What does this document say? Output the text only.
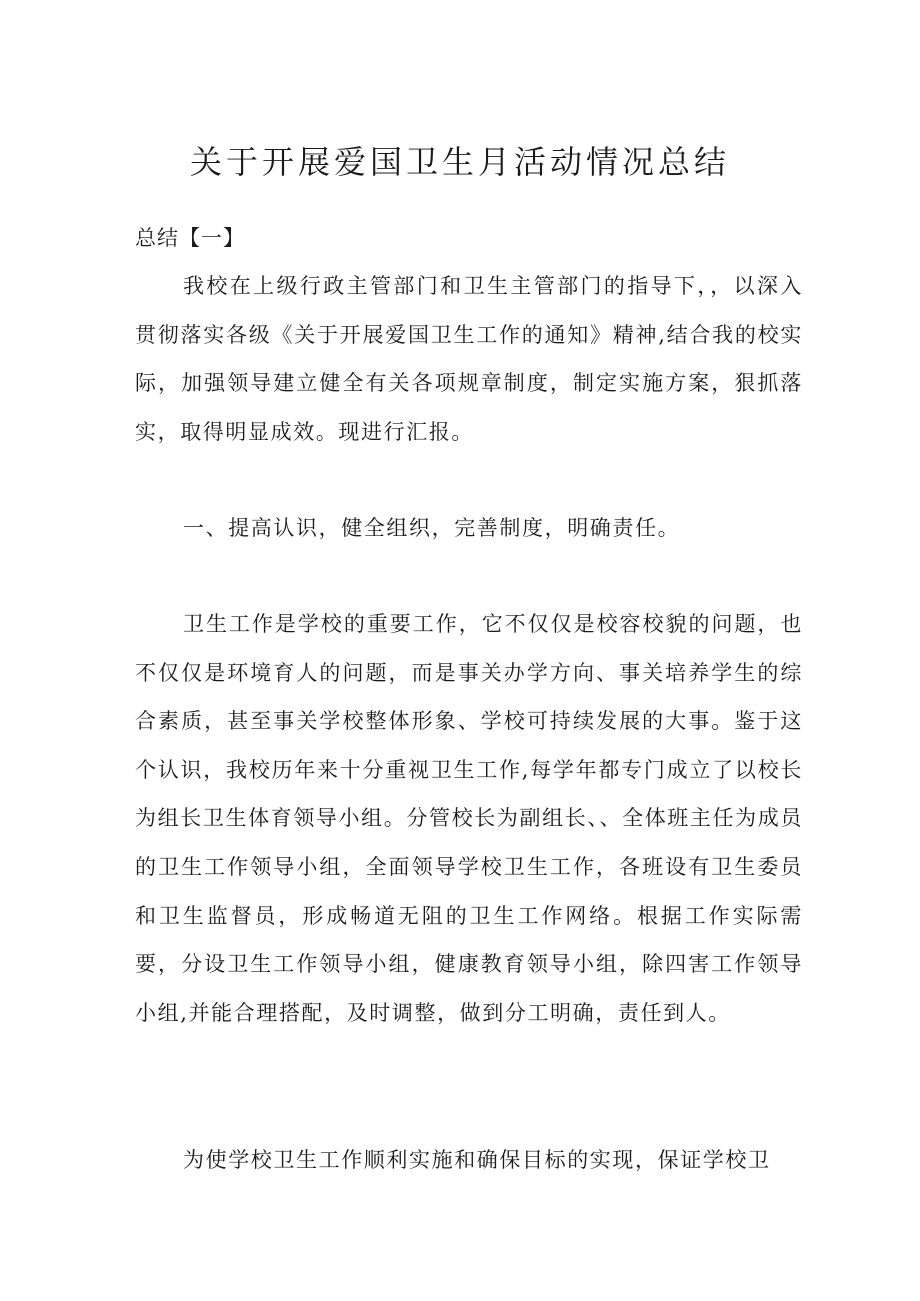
关于开展爱国卫生月活动情况总结

总结【一】

我校在上级行政主管部门和卫生主管部门的指导下，，以深入贯彻落实各级《关于开展爱国卫生工作的通知》精神,结合我的校实际，加强领导建立健全有关各项规章制度，制定实施方案，狠抓落实，取得明显成效。现进行汇报。

一、提高认识，健全组织，完善制度，明确责任。

卫生工作是学校的重要工作，它不仅仅是校容校貌的问题，也不仅仅是环境育人的问题，而是事关办学方向、事关培养学生的综合素质，甚至事关学校整体形象、学校可持续发展的大事。鉴于这个认识，我校历年来十分重视卫生工作,每学年都专门成立了以校长为组长卫生体育领导小组。分管校长为副组长、、全体班主任为成员的卫生工作领导小组，全面领导学校卫生工作，各班设有卫生委员和卫生监督员，形成畅道无阻的卫生工作网络。根据工作实际需要，分设卫生工作领导小组，健康教育领导小组，除四害工作领导小组,并能合理搭配，及时调整，做到分工明确，责任到人。

为使学校卫生工作顺利实施和确保目标的实现，保证学校卫
